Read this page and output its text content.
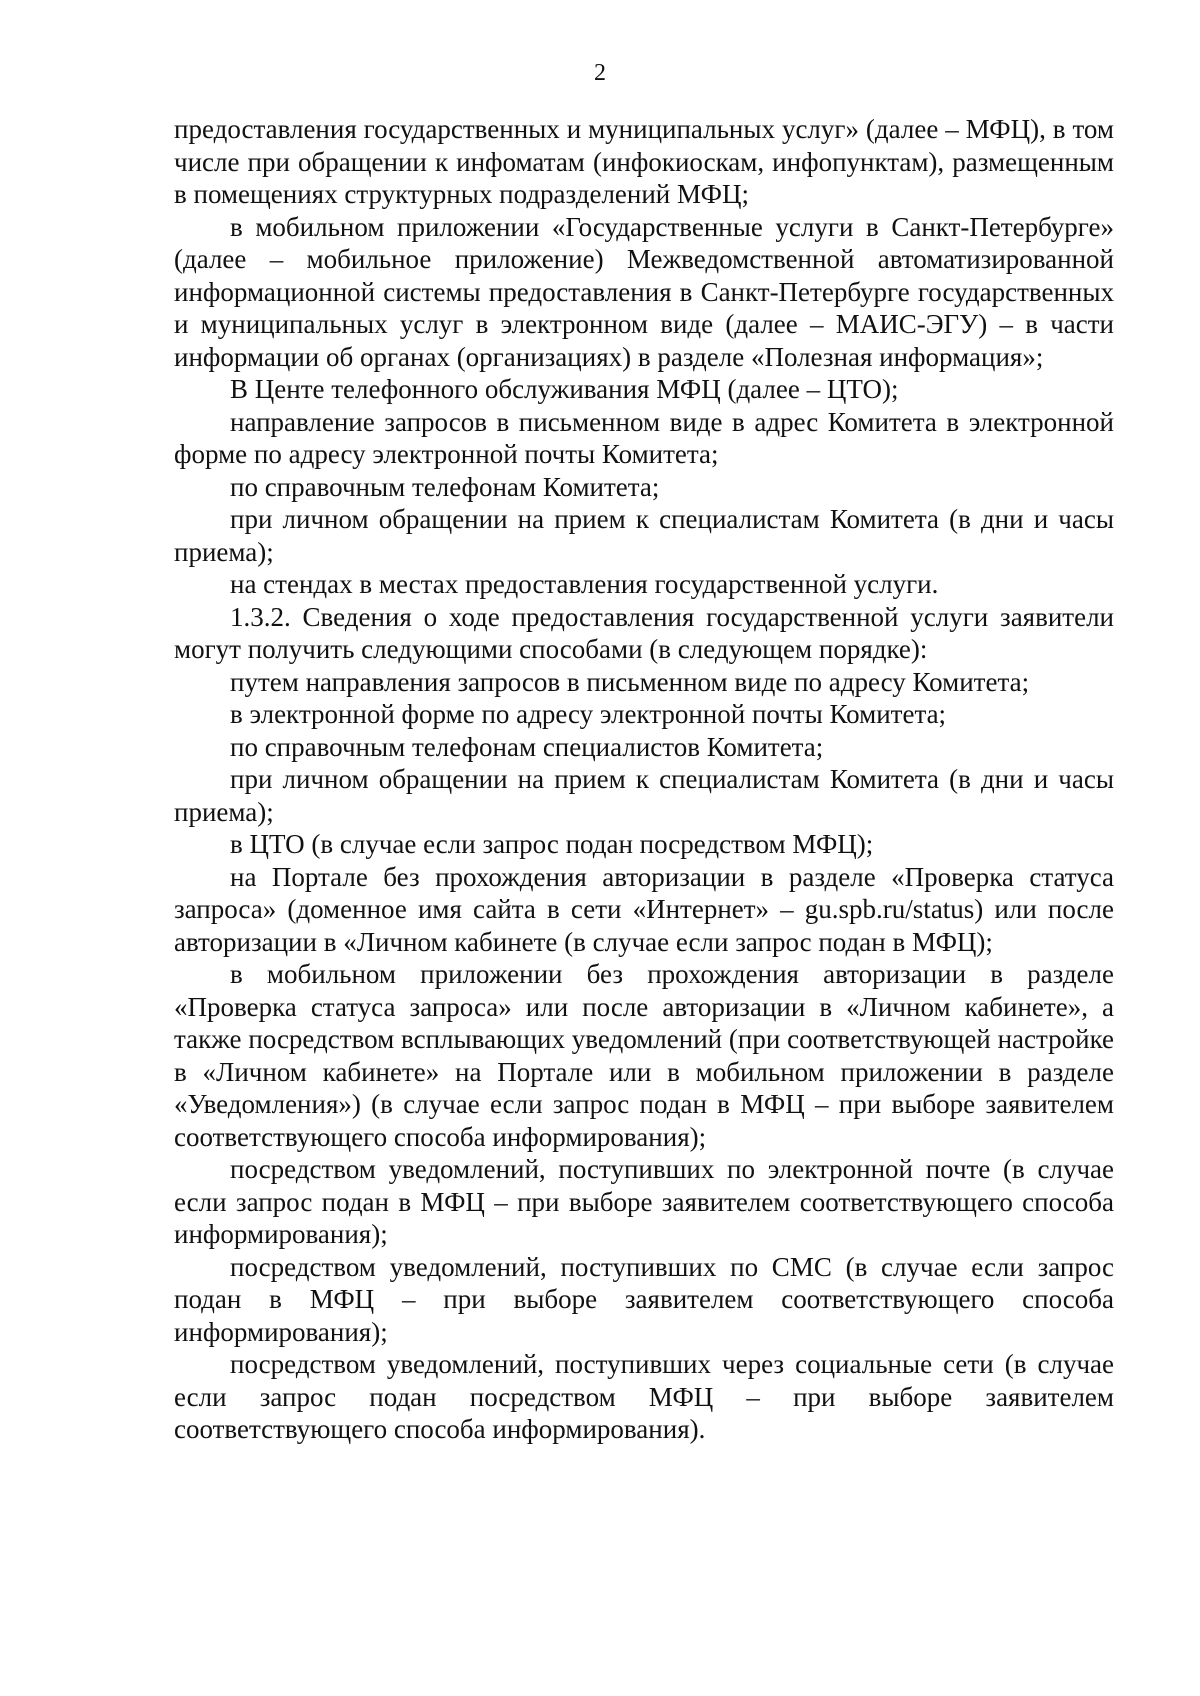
2

предоставления государственных и муниципальных услуг» (далее – МФЦ), в том числе при обращении к инфоматам (инфокиоскам, инфопунктам), размещенным в помещениях структурных подразделений МФЦ;

в мобильном приложении «Государственные услуги в Санкт-Петербурге» (далее – мобильное приложение) Межведомственной автоматизированной информационной системы предоставления в Санкт-Петербурге государственных и муниципальных услуг в электронном виде (далее – МАИС-ЭГУ) – в части информации об органах (организациях) в разделе «Полезная информация»;

В Центе телефонного обслуживания МФЦ (далее – ЦТО);

направление запросов в письменном виде в адрес Комитета в электронной форме по адресу электронной почты Комитета;

по справочным телефонам Комитета;

при личном обращении на прием к специалистам Комитета (в дни и часы приема);

на стендах в местах предоставления государственной услуги.

1.3.2. Сведения о ходе предоставления государственной услуги заявители могут получить следующими способами (в следующем порядке):

путем направления запросов в письменном виде по адресу Комитета;

в электронной форме по адресу электронной почты Комитета;

по справочным телефонам специалистов Комитета;

при личном обращении на прием к специалистам Комитета (в дни и часы приема);

в ЦТО (в случае если запрос подан посредством МФЦ);

на Портале без прохождения авторизации в разделе «Проверка статуса запроса» (доменное имя сайта в сети «Интернет» – gu.spb.ru/status) или после авторизации в «Личном кабинете (в случае если запрос подан в МФЦ);

в мобильном приложении без прохождения авторизации в разделе «Проверка статуса запроса» или после авторизации в «Личном кабинете», а также посредством всплывающих уведомлений (при соответствующей настройке в «Личном кабинете» на Портале или в мобильном приложении в разделе «Уведомления») (в случае если запрос подан в МФЦ – при выборе заявителем соответствующего способа информирования);

посредством уведомлений, поступивших по электронной почте (в случае если запрос подан в МФЦ – при выборе заявителем соответствующего способа информирования);

посредством уведомлений, поступивших по СМС (в случае если запрос подан в МФЦ – при выборе заявителем соответствующего способа информирования);

посредством уведомлений, поступивших через социальные сети (в случае если запрос подан посредством МФЦ – при выборе заявителем соответствующего способа информирования).
